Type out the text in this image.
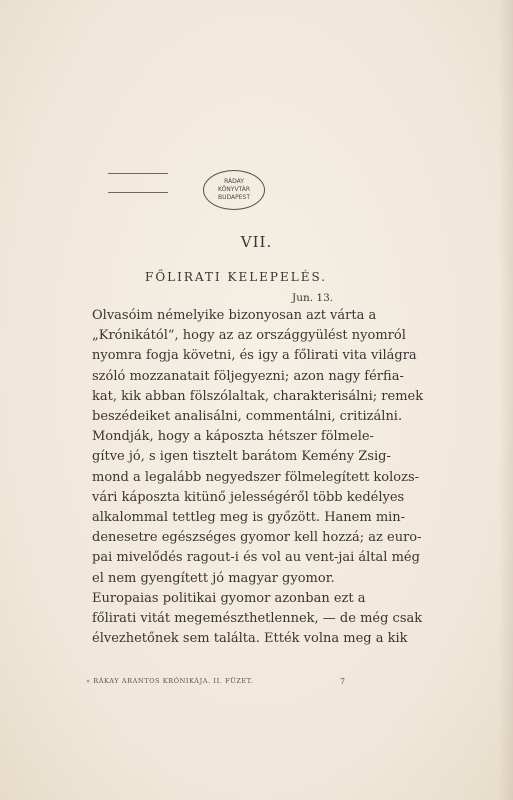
RÁDAY
KÖNYVTÁR
BUDAPEST
VII.
FŐLIRATI KELEPELÉS.
Jun. 13.

Olvasóim némelyike bizonyosan azt várta a
„Krónikától“, hogy az az országgyülést nyomról
nyomra fogja követni, és igy a főlirati vita világra
szóló mozzanatait följegyezni; azon nagy férfia-
kat, kik abban fölszólaltak, charakterisálni; remek
beszédeiket analisálni, commentálni, critizálni.

Mondják, hogy a káposzta hétszer fölmele-
gítve jó, s igen tisztelt barátom Kemény Zsig-
mond a legalább negyedszer fölmelegített kolozs-
vári káposzta kitünő jelességéről több kedélyes
alkalommal tettleg meg is győzött. Hanem min-
denesetre egészséges gyomor kell hozzá; az euro-
pai mivelődés ragout-i és vol au vent-jai által még
el nem gyengített jó magyar gyomor.

Europaias politikai gyomor azonban ezt a
főlirati vitát megemészthetlennek, — de még csak
élvezhetőnek sem találta. Ették volna meg a kik

» RÁKAY ARANTOS KRÓNIKÁJA. II. FÜZET.	7
